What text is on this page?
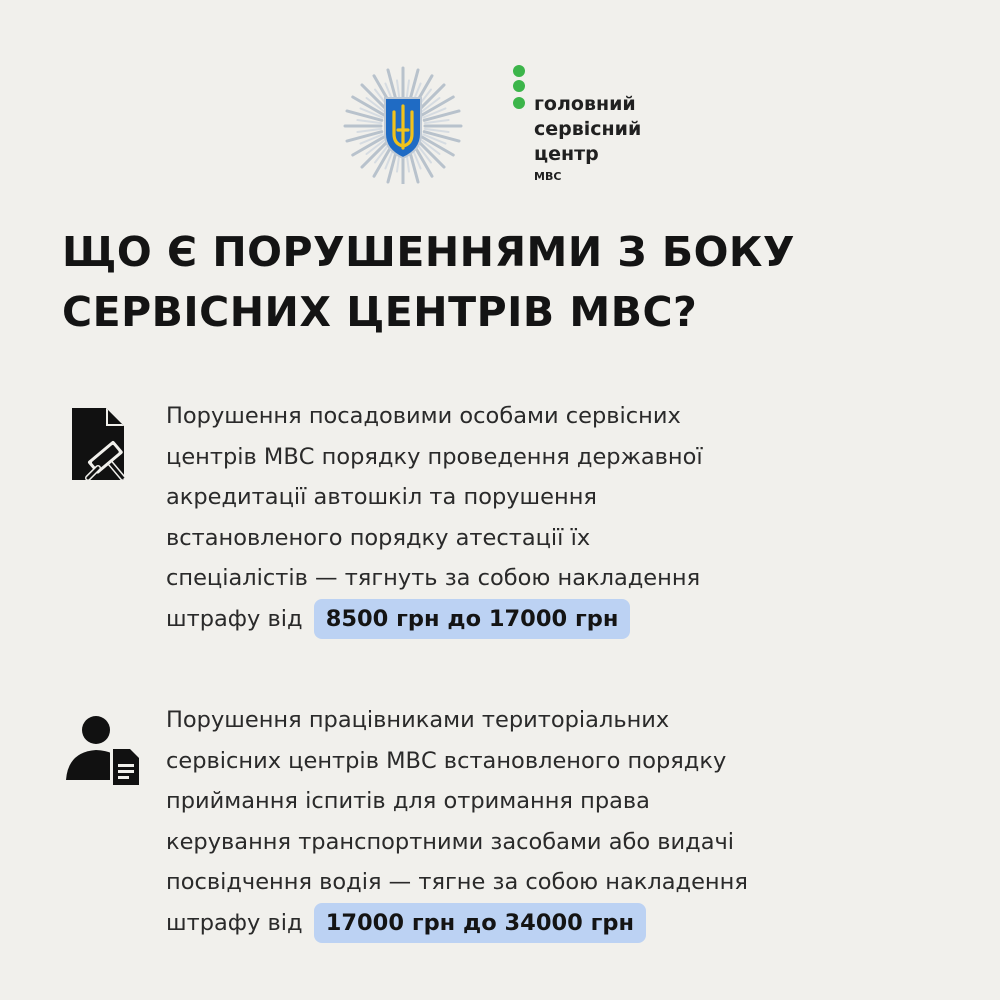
головний
сервісний
центр
МВС
ЩО Є ПОРУШЕННЯМИ З БОКУ
СЕРВІСНИХ ЦЕНТРІВ МВС?
Порушення посадовими особами сервісних
центрів МВС порядку проведення державної
акредитації автошкіл та порушення
встановленого порядку атестації їх
спеціалістів — тягнуть за собою накладення
штрафу від 8500 грн до 17000 грн
Порушення працівниками територіальних
сервісних центрів МВС встановленого порядку
приймання іспитів для отримання права
керування транспортними засобами або видачі
посвідчення водія — тягне за собою накладення
штрафу від 17000 грн до 34000 грн
